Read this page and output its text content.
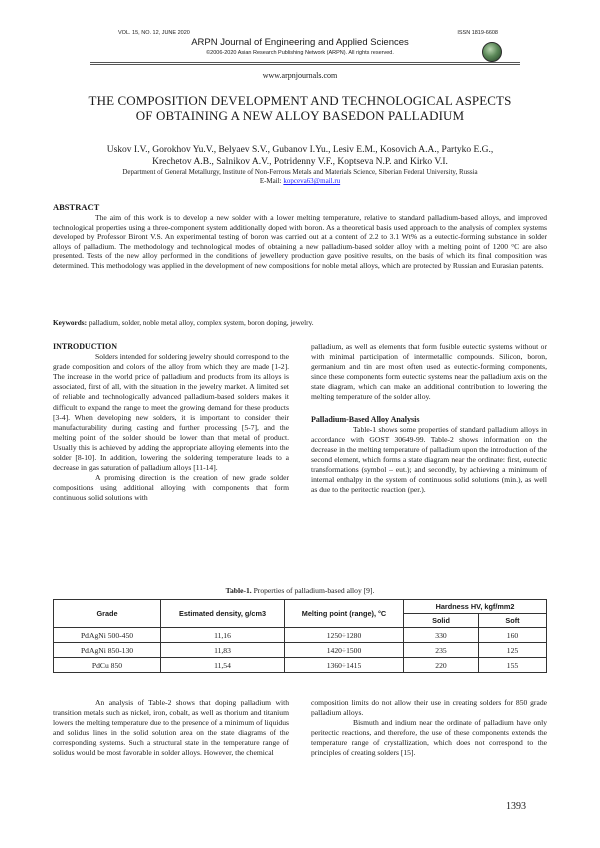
VOL. 15, NO. 12, JUNE 2020	ISSN 1819-6608
ARPN Journal of Engineering and Applied Sciences
©2006-2020 Asian Research Publishing Network (ARPN). All rights reserved.
www.arpnjournals.com
THE COMPOSITION DEVELOPMENT AND TECHNOLOGICAL ASPECTS
OF OBTAINING A NEW ALLOY BASEDON PALLADIUM
Uskov I.V., Gorokhov Yu.V., Belyaev S.V., Gubanov I.Yu., Lesiv E.M., Kosovich A.A., Partyko E.G.,
Krechetov A.B., Salnikov A.V., Potridenny V.F., Koptseva N.P. and Kirko V.I.
Department of General Metallurgy, Institute of Non-Ferrous Metals and Materials Science, Siberian Federal University, Russia
E-Mail: kopceva63@mail.ru
ABSTRACT
The aim of this work is to develop a new solder with a lower melting temperature, relative to standard palladium-based alloys, and improved technological properties using a three-component system additionally doped with boron. As a theoretical basis used approach to the analysis of complex systems developed by Professor Biront V.S. An experimental testing of boron was carried out at a content of 2.2 to 3.1 Wt% as a eutectic-forming substance in solder alloys of palladium. The methodology and technological modes of obtaining a new palladium-based solder alloy with a melting point of 1200 °C are also presented. Tests of the new alloy performed in the conditions of jewellery production gave positive results, on the basis of which its final composition was determined. This methodology was applied in the development of new compositions for noble metal alloys, which are protected by Russian and Eurasian patents.
Keywords: palladium, solder, noble metal alloy, complex system, boron doping, jewelry.

INTRODUCTION

Solders intended for soldering jewelry should correspond to the grade composition and colors of the alloy from which they are made [1-2]. The increase in the world price of palladium and products from its alloys is associated, first of all, with the situation in the jewelry market. A limited set of reliable and technologically advanced palladium-based solders makes it difficult to expand the range to meet the growing demand for these products [3-4]. When developing new solders, it is important to consider their manufacturability during casting and further processing [5-7], and the melting point of the solder should be lower than that metal of product. Usually this is achieved by adding the appropriate alloying elements into the solder [8-10]. In addition, lowering the soldering temperature leads to a decrease in gas saturation of palladium alloys [11-14].

A promising direction is the creation of new grade solder compositions using additional alloying with components that form continuous solid solutions with

palladium, as well as elements that form fusible eutectic systems without or with minimal participation of intermetallic compounds. Silicon, boron, germanium and tin are most often used as eutectic-forming components, since these components form eutectic systems near the palladium axis on the state diagram, which can make an additional contribution to lowering the melting temperature of the solder alloy.

Palladium-Based Alloy Analysis

Table-1 shows some properties of standard palladium alloys in accordance with GOST 30649-99. Table-2 shows information on the decrease in the melting temperature of palladium upon the introduction of the second element, which forms a state diagram near the ordinate: first, eutectic transformations (symbol – eut.); and secondly, by achieving a minimum of internal enthalpy in the system of continuous solid solutions (min.), as well as due to the peritectic reaction (per.).

Table-1. Properties of palladium-based alloy [9].
Grade	Estimated density, g/cm3	Melting point (range), °C	Hardness HV, kgf/mm2	
			Solid	Soft
PdAgNi 500-450	11,16	1250÷1280	330	160
PdAgNi 850-130	11,83	1420÷1500	235	125
PdCu 850	11,54	1360÷1415	220	155

An analysis of Table-2 shows that doping palladium with transition metals such as nickel, iron, cobalt, as well as thorium and titanium lowers the melting temperature due to the presence of a minimum of liquidus and solidus lines in the solid solution area on the state diagrams of the corresponding systems. Such a structural state in the temperature range of solidus would be most favorable in solder alloys. However, the chemical

composition limits do not allow their use in creating solders for 850 grade palladium alloys.

Bismuth and indium near the ordinate of palladium have only peritectic reactions, and therefore, the use of these components extends the temperature range of crystallization, which does not correspond to the principles of creating solders [15].

1393
